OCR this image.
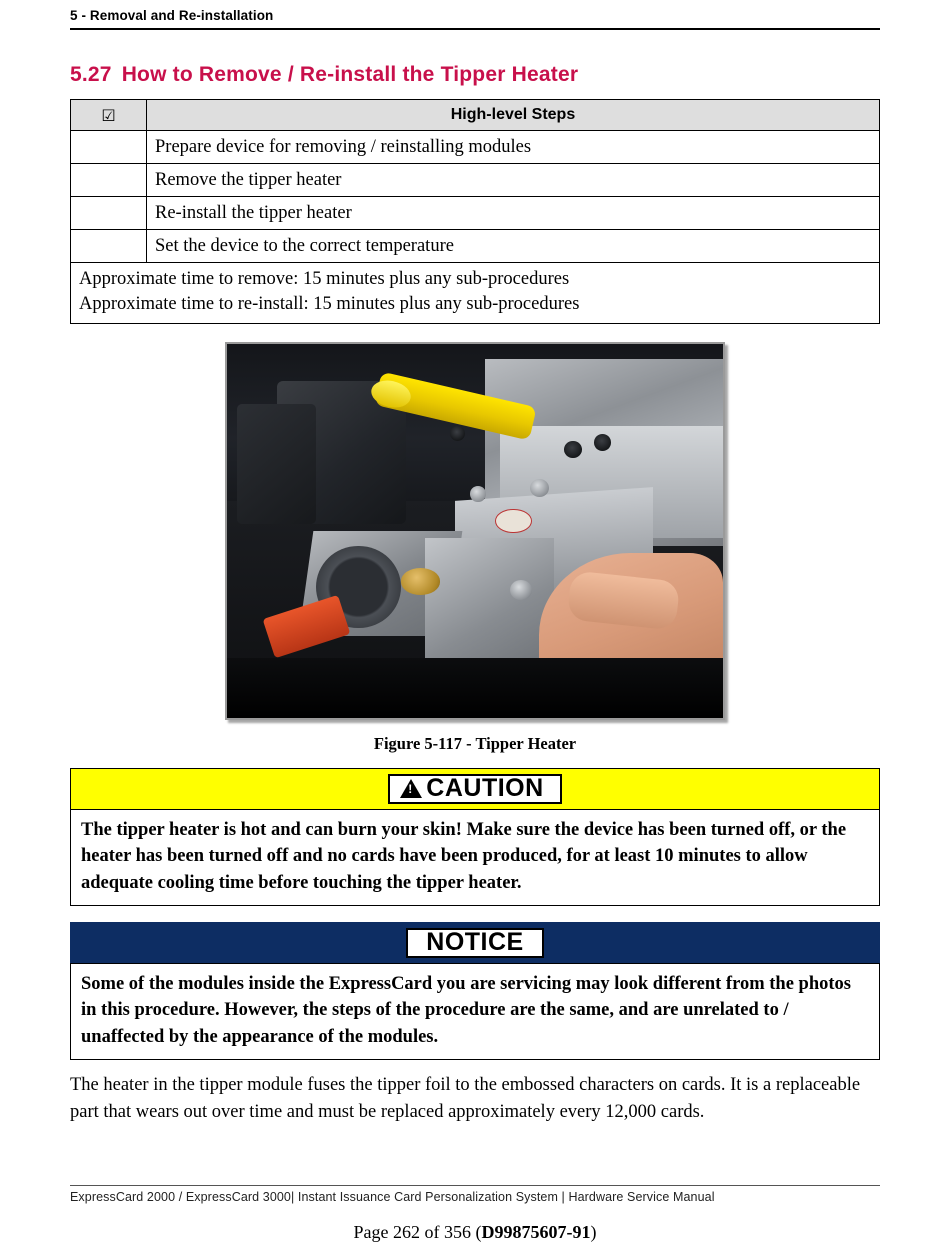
5 - Removal and Re-installation
5.27 How to Remove / Re-install the Tipper Heater
☑	High-level Steps
	Prepare device for removing / reinstalling modules
	Remove the tipper heater
	Re-install the tipper heater
	Set the device to the correct temperature

Approximate time to remove: 15 minutes plus any sub-procedures
Approximate time to re-install: 15 minutes plus any sub-procedures	
Figure 5-117 - Tipper Heater
!
CAUTION
The tipper heater is hot and can burn your skin! Make sure the device has been turned off, or the heater has been turned off and no cards have been produced, for at least 10 minutes to allow adequate cooling time before touching the tipper heater.
NOTICE
Some of the modules inside the ExpressCard you are servicing may look different from the photos in this procedure. However, the steps of the procedure are the same, and are unrelated to / unaffected by the appearance of the modules.
The heater in the tipper module fuses the tipper foil to the embossed characters on cards. It is a replaceable part that wears out over time and must be replaced approximately every 12,000 cards.
ExpressCard 2000 / ExpressCard 3000| Instant Issuance Card Personalization System | Hardware Service Manual
Page 262 of 356 (D99875607-91)
